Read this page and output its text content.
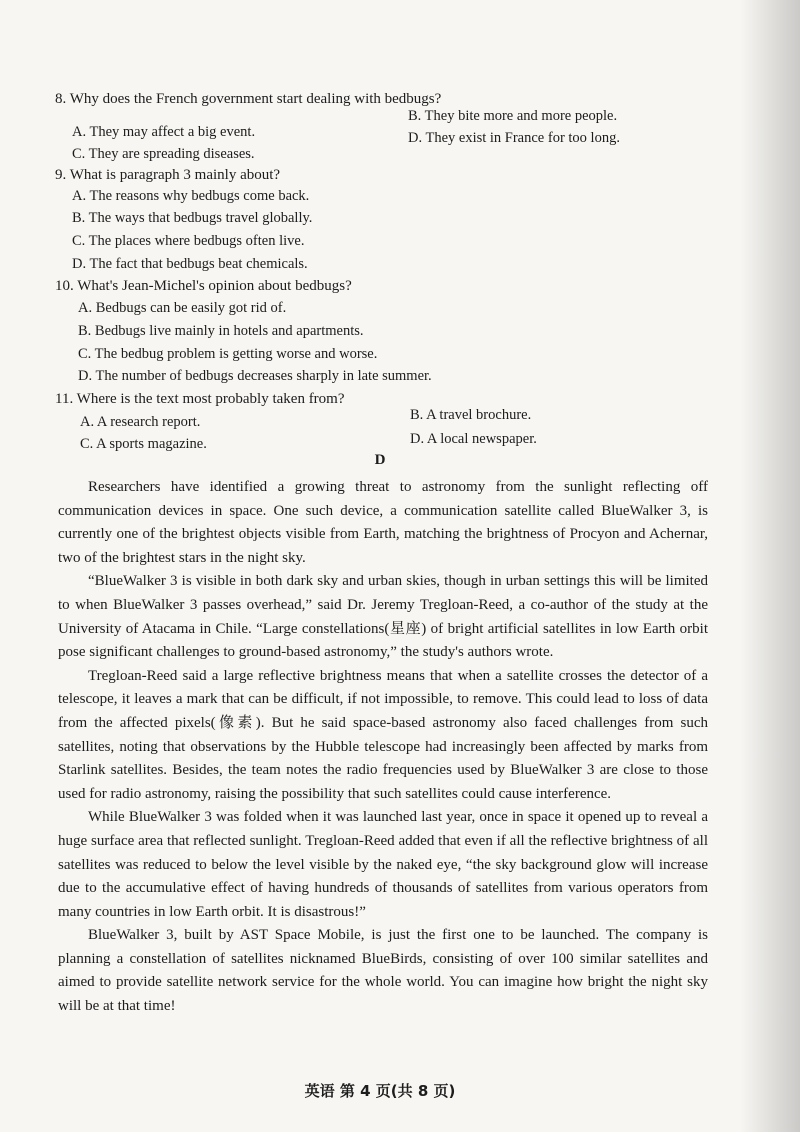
8. Why does the French government start dealing with bedbugs?
A. They may affect a big event.
B. They bite more and more people.
C. They are spreading diseases.
D. They exist in France for too long.
9. What is paragraph 3 mainly about?
A. The reasons why bedbugs come back.
B. The ways that bedbugs travel globally.
C. The places where bedbugs often live.
D. The fact that bedbugs beat chemicals.
10. What's Jean-Michel's opinion about bedbugs?
A. Bedbugs can be easily got rid of.
B. Bedbugs live mainly in hotels and apartments.
C. The bedbug problem is getting worse and worse.
D. The number of bedbugs decreases sharply in late summer.
11. Where is the text most probably taken from?
A. A research report.	B. A travel brochure.
C. A sports magazine.	D. A local newspaper.
D

Researchers have identified a growing threat to astronomy from the sunlight reflecting off communication devices in space. One such device, a communication satellite called BlueWalker 3, is currently one of the brightest objects visible from Earth, matching the brightness of Procyon and Achernar, two of the brightest stars in the night sky.

“BlueWalker 3 is visible in both dark sky and urban skies, though in urban settings this will be limited to when BlueWalker 3 passes overhead,” said Dr. Jeremy Tregloan-Reed, a co-author of the study at the University of Atacama in Chile. “Large constellations(星座) of bright artificial satellites in low Earth orbit pose significant challenges to ground-based astronomy,” the study's authors wrote.

Tregloan-Reed said a large reflective brightness means that when a satellite crosses the detector of a telescope, it leaves a mark that can be difficult, if not impossible, to remove. This could lead to loss of data from the affected pixels(像素). But he said space-based astronomy also faced challenges from such satellites, noting that observations by the Hubble telescope had increasingly been affected by marks from Starlink satellites. Besides, the team notes the radio frequencies used by BlueWalker 3 are close to those used for radio astronomy, raising the possibility that such satellites could cause interference.

While BlueWalker 3 was folded when it was launched last year, once in space it opened up to reveal a huge surface area that reflected sunlight. Tregloan-Reed added that even if all the reflective brightness of all satellites was reduced to below the level visible by the naked eye, “the sky background glow will increase due to the accumulative effect of having hundreds of thousands of satellites from various operators from many countries in low Earth orbit. It is disastrous!”

BlueWalker 3, built by AST Space Mobile, is just the first one to be launched. The company is planning a constellation of satellites nicknamed BlueBirds, consisting of over 100 similar satellites and aimed to provide satellite network service for the whole world. You can imagine how bright the night sky will be at that time!

英语 第 4 页(共 8 页)
